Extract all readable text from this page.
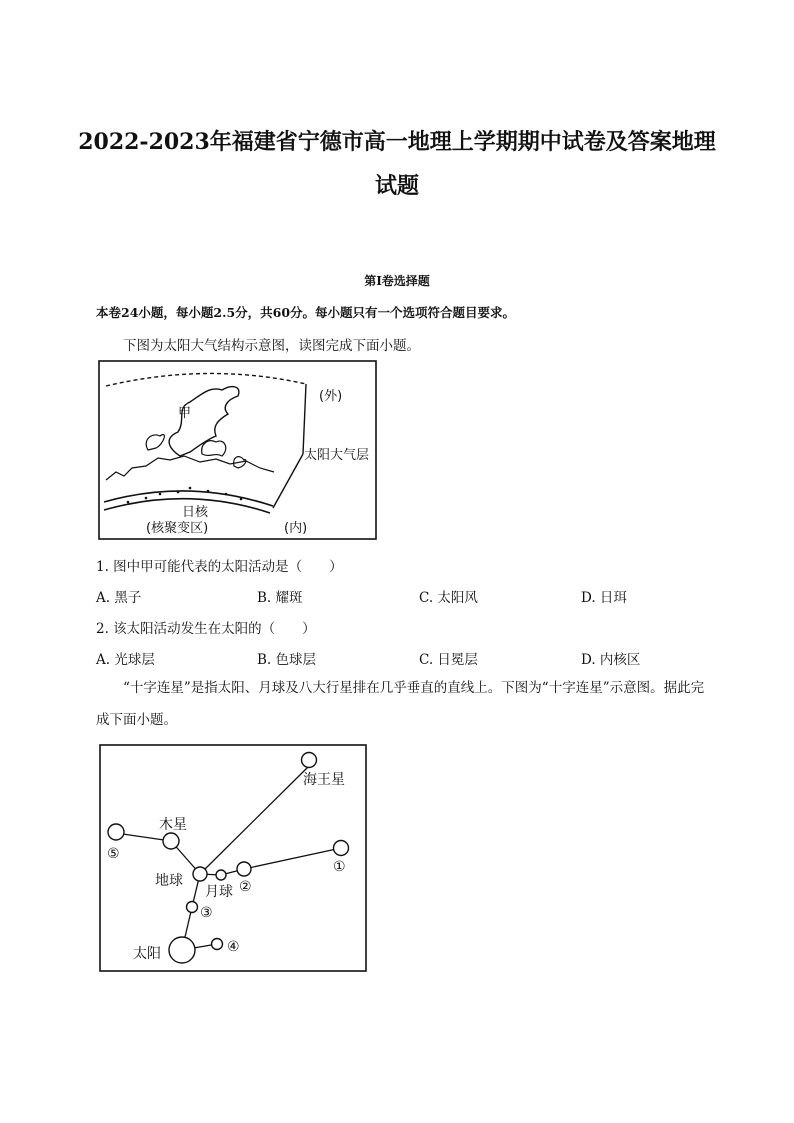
2022-2023年福建省宁德市高一地理上学期期中试卷及答案地理
试题
第Ⅰ卷选择题
本卷24小题，每小题2.5分，共60分。每小题只有一个选项符合题目要求。
下图为太阳大气结构示意图，读图完成下面小题。
甲
(外)
太阳大气层
日核
(核聚变区)	(内)
1. 图中甲可能代表的太阳活动是（　　）
A. 黑子	B. 耀斑	C. 太阳风	D. 日珥
2. 该太阳活动发生在太阳的（　　）
A. 光球层	B. 色球层	C. 日冕层	D. 内核区
“十字连星”是指太阳、月球及八大行星排在几乎垂直的直线上。下图为“十字连星”示意图。据此完成下面小题。
海王星
木星
地球
月球
太阳
①
②
③
④
⑤
